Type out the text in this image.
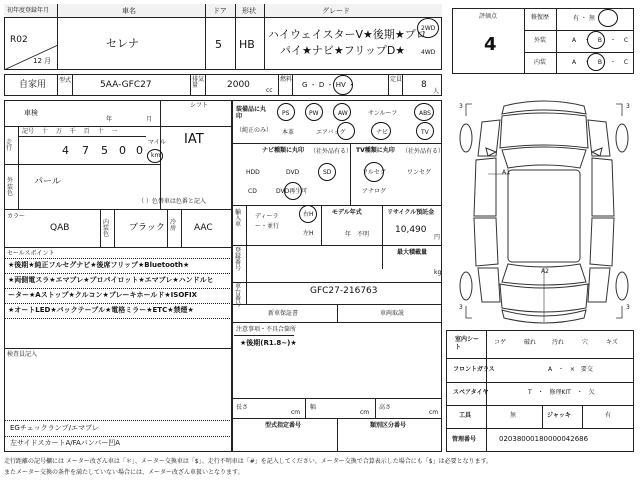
初年度登録年月
R02
12 月
車名
セレナ
ドア
5
形状
HB
グレード
ハイウェイスターV★後期★プロ
パイ★ナビ★フリップD★
2WD
4WD
自家用 型式	5AA-GFC27
排気量	2000
cc
燃料
G ・ D ・ HV ・
定員
8
人
車検
年	月
シフト
IAT
走行
記号 十 万 千 百 十 一
4 7 5 0 0
マイル
km
外装色
パール
（ ）色替車は色番と記入
カラー
QAB
内装色
ブラック
冷房	AAC
セールスポイント
★後期★純正フルセグナビ★後席フリップ★Bluetooth★
★両側電スラ★エマブレ★プロパイロット★エマブレ★ハンドルヒ
ーター★Aストップ★クルコン★ブレーキホールド★ISOFIX
★オートLED★バックテーブル★電格ミラー★ETC★禁煙★
検査員記入
EGチェックランプ/エマブレ
左サイドスカートA/FAバンパー凹A
装備品に丸印
（純正のみ）
PS	PW	AW	サンルーフ	ABS
本革	エアバッグ	ナビ	TV
ナビ種類に丸印 （社外品有る）
HDD	DVD	SD
CD	DVD再生可
TV種類に丸印 （社外品有る）
フルセグ	ワンセグ
アナログ
輸入車
ディーラー・並行
右H
左H
モデル年式
年　不明
リサイクル預託金
10,490
円
最大積載量
kg
登録番号
車台番号
GFC27-216763
新車保証書	車両取説
注意事項・不具合箇所
★後期(R1.8~)★
長さ
cm
幅
cm
高さ
cm
型式指定番号	類別区分番号
評価点
4
修復歴	有 ・ 無
外装	A ・ B ・ C
内装	A ・ B ・ C
3	3
3	3
A1
A2
室内シート
コゲ	破れ	汚れ	穴	キズ
フロントガラス	A ・ × 要交
スペアタイヤ	T ・ 修理KIT ・ 欠
工具	無	ジャッキ	有
管理番号	02038000180000042686
走行距離の記号欄には メーター改ざん車は「＊」、メーター交換車は「$」、走行不明車は「#」を記入してください。メーター交換で合算表示した場合にも「$」は必要となります。
またメーター交換の条件を満たしていない場合には、メーター改ざん車扱いとなります。
